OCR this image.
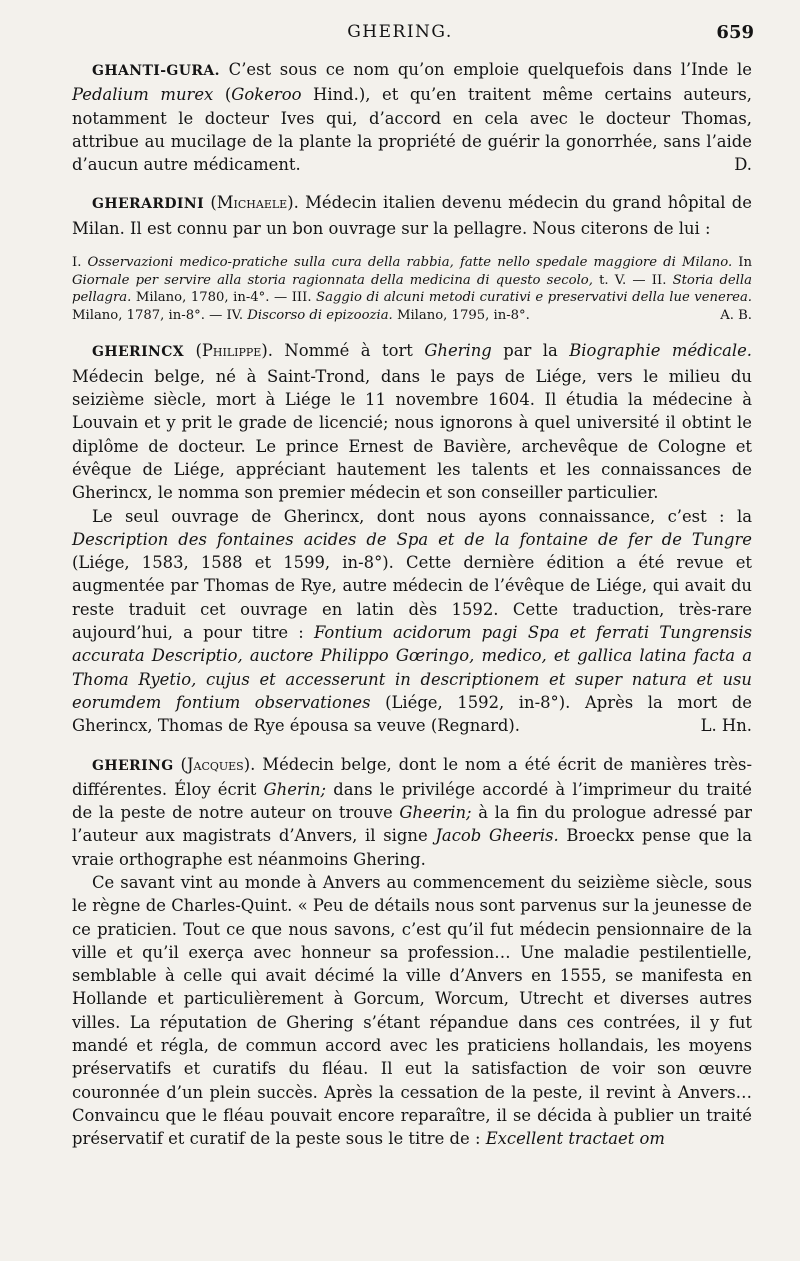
GHERING.	659

GHANTI-GURA. C’est sous ce nom qu’on emploie quelquefois dans l’Inde le Pedalium murex (Gokeroo Hind.), et qu’en traitent même certains auteurs, notamment le docteur Ives qui, d’accord en cela avec le docteur Thomas, attribue au mucilage de la plante la propriété de guérir la gonorrhée, sans l’aide d’aucun autre médicament.	D.

GHERARDINI (Michaele). Médecin italien devenu médecin du grand hôpital de Milan. Il est connu par un bon ouvrage sur la pellagre. Nous citerons de lui :

I. Osservazioni medico-pratiche sulla cura della rabbia, fatte nello spedale maggiore di Milano. In Giornale per servire alla storia ragionnata della medicina di questo secolo, t. V. — II. Storia della pellagra. Milano, 1780, in-4°. — III. Saggio di alcuni metodi curativi e preservativi della lue venerea. Milano, 1787, in-8°. — IV. Discorso di epizoozia. Milano, 1795, in-8°.	A. B.

GHERINCX (Philippe). Nommé à tort Ghering par la Biographie médicale. Médecin belge, né à Saint-Trond, dans le pays de Liége, vers le milieu du seizième siècle, mort à Liége le 11 novembre 1604. Il étudia la médecine à Louvain et y prit le grade de licencié; nous ignorons à quel université il obtint le diplôme de docteur. Le prince Ernest de Bavière, archevêque de Cologne et évêque de Liége, appréciant hautement les talents et les connaissances de Gherincx, le nomma son premier médecin et son conseiller particulier.

Le seul ouvrage de Gherincx, dont nous ayons connaissance, c’est : la Description des fontaines acides de Spa et de la fontaine de fer de Tungre (Liége, 1583, 1588 et 1599, in-8°). Cette dernière édition a été revue et augmentée par Thomas de Rye, autre médecin de l’évêque de Liége, qui avait du reste traduit cet ouvrage en latin dès 1592. Cette traduction, très-rare aujourd’hui, a pour titre : Fontium acidorum pagi Spa et ferrati Tungrensis accurata Descriptio, auctore Philippo Gœringo, medico, et gallica latina facta a Thoma Ryetio, cujus et accesserunt in descriptionem et super natura et usu eorumdem fontium observationes (Liége, 1592, in-8°). Après la mort de Gherincx, Thomas de Rye épousa sa veuve (Regnard).	L. Hn.

GHERING (Jacques). Médecin belge, dont le nom a été écrit de manières très-différentes. Éloy écrit Gherin; dans le privilége accordé à l’imprimeur du traité de la peste de notre auteur on trouve Gheerin; à la fin du prologue adressé par l’auteur aux magistrats d’Anvers, il signe Jacob Gheeris. Broeckx pense que la vraie orthographe est néanmoins Ghering.

Ce savant vint au monde à Anvers au commencement du seizième siècle, sous le règne de Charles-Quint. « Peu de détails nous sont parvenus sur la jeunesse de ce praticien. Tout ce que nous savons, c’est qu’il fut médecin pensionnaire de la ville et qu’il exerça avec honneur sa profession… Une maladie pestilentielle, semblable à celle qui avait décimé la ville d’Anvers en 1555, se manifesta en Hollande et particulièrement à Gorcum, Worcum, Utrecht et diverses autres villes. La réputation de Ghering s’étant répandue dans ces contrées, il y fut mandé et régla, de commun accord avec les praticiens hollandais, les moyens préservatifs et curatifs du fléau. Il eut la satisfaction de voir son œuvre couronnée d’un plein succès. Après la cessation de la peste, il revint à Anvers… Convaincu que le fléau pouvait encore reparaître, il se décida à publier un traité préservatif et curatif de la peste sous le titre de : Excellent tractaet om
